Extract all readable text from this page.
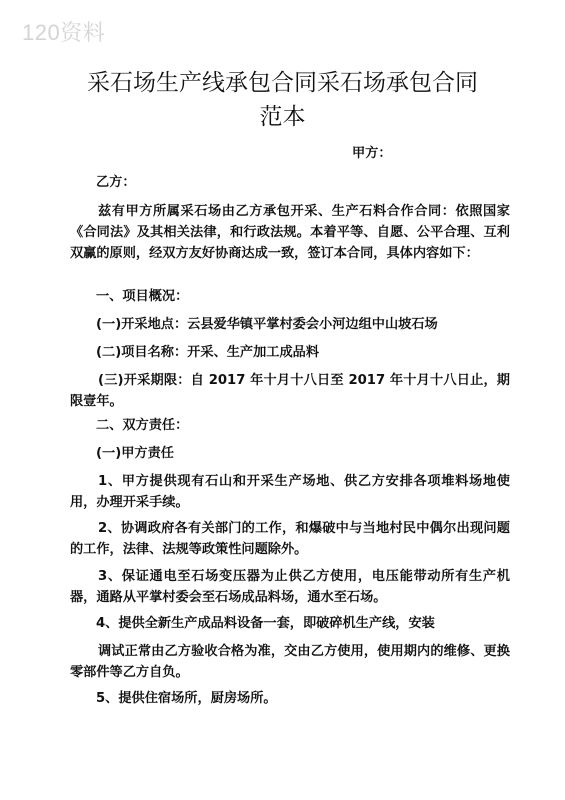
120资料
采石场生产线承包合同采石场承包合同
范本
甲方：
乙方：
兹有甲方所属采石场由乙方承包开采、生产石料合作合同：依照国家《合同法》及其相关法律，和行政法规。本着平等、自愿、公平合理、互利双赢的原则，经双方友好协商达成一致，签订本合同，具体内容如下：
一、项目概况：
(一)开采地点：云县爱华镇平掌村委会小河边组中山坡石场
(二)项目名称：开采、生产加工成品料
(三)开采期限：自 2017 年十月十八日至 2017 年十月十八日止，期限壹年。
二、双方责任：
(一)甲方责任
1、甲方提供现有石山和开采生产场地、供乙方安排各项堆料场地使用，办理开采手续。
2、协调政府各有关部门的工作，和爆破中与当地村民中偶尔出现问题的工作，法律、法规等政策性问题除外。
3、保证通电至石场变压器为止供乙方使用，电压能带动所有生产机器，通路从平掌村委会至石场成品料场，通水至石场。
4、提供全新生产成品料设备一套，即破碎机生产线，安装
调试正常由乙方验收合格为准，交由乙方使用，使用期内的维修、更换零部件等乙方自负。
5、提供住宿场所，厨房场所。
